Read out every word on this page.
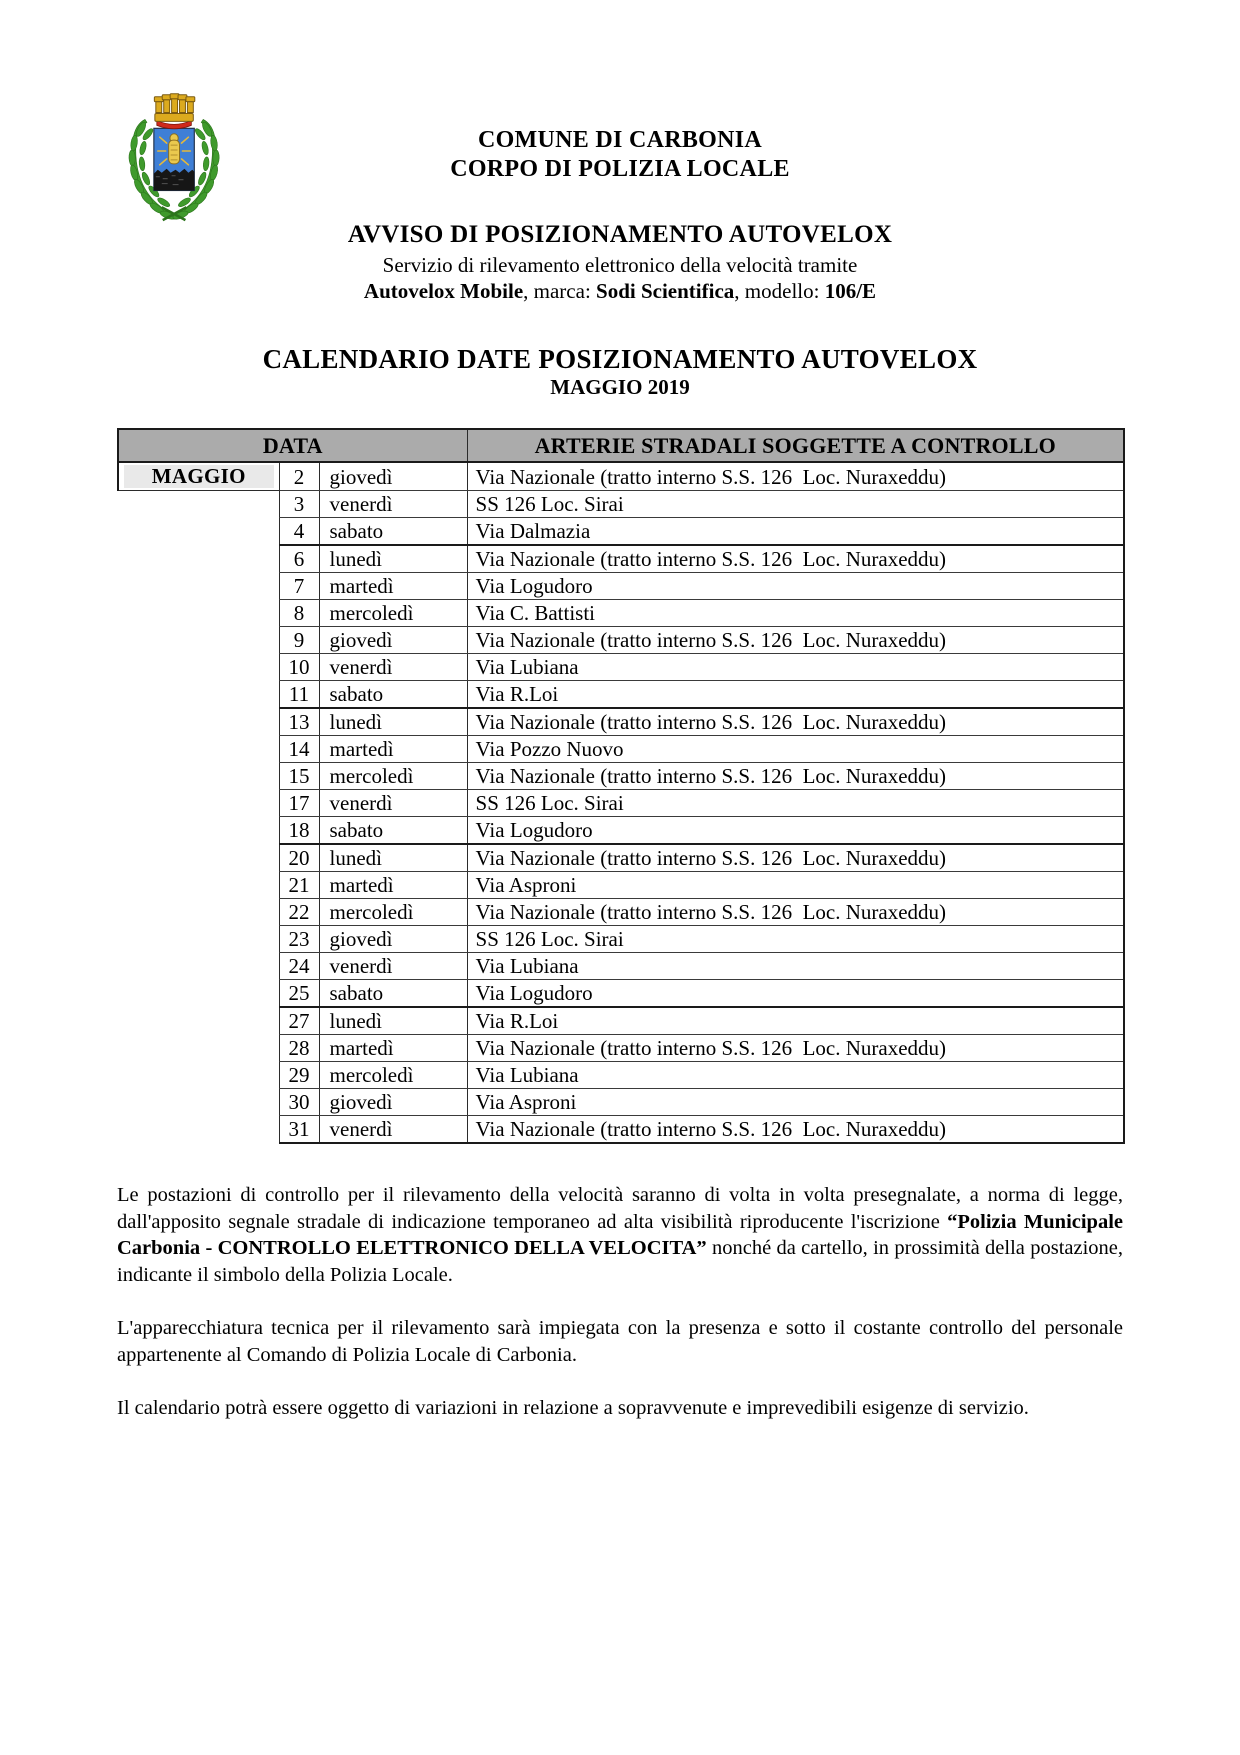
COMUNE DI CARBONIA
CORPO DI POLIZIA LOCALE
AVVISO DI POSIZIONAMENTO AUTOVELOX
Servizio di rilevamento elettronico della velocità tramite
Autovelox Mobile, marca: Sodi Scientifica, modello: 106/E
CALENDARIO DATE POSIZIONAMENTO AUTOVELOX
MAGGIO 2019
DATA			ARTERIE STRADALI SOGGETTE A CONTROLLO

MAGGIO	2	giovedì	Via Nazionale (tratto interno S.S. 126  Loc. Nuraxeddu)
	3	venerdì	SS 126 Loc. Sirai
	4	sabato	Via Dalmazia
	6	lunedì	Via Nazionale (tratto interno S.S. 126  Loc. Nuraxeddu)
	7	martedì	Via Logudoro
	8	mercoledì	Via C. Battisti
	9	giovedì	Via Nazionale (tratto interno S.S. 126  Loc. Nuraxeddu)
	10	venerdì	Via Lubiana
	11	sabato	Via R.Loi
	13	lunedì	Via Nazionale (tratto interno S.S. 126  Loc. Nuraxeddu)
	14	martedì	Via Pozzo Nuovo
	15	mercoledì	Via Nazionale (tratto interno S.S. 126  Loc. Nuraxeddu)
	17	venerdì	SS 126 Loc. Sirai
	18	sabato	Via Logudoro
	20	lunedì	Via Nazionale (tratto interno S.S. 126  Loc. Nuraxeddu)
	21	martedì	Via Asproni
	22	mercoledì	Via Nazionale (tratto interno S.S. 126  Loc. Nuraxeddu)
	23	giovedì	SS 126 Loc. Sirai
	24	venerdì	Via Lubiana
	25	sabato	Via Logudoro
	27	lunedì	Via R.Loi
	28	martedì	Via Nazionale (tratto interno S.S. 126  Loc. Nuraxeddu)
	29	mercoledì	Via Lubiana
	30	giovedì	Via Asproni
	31	venerdì	Via Nazionale (tratto interno S.S. 126  Loc. Nuraxeddu)

Le postazioni di controllo per il rilevamento della velocità saranno di volta in volta presegnalate, a norma di legge, dall'apposito segnale stradale di indicazione temporaneo ad alta visibilità riproducente l'iscrizione “Polizia Municipale Carbonia - CONTROLLO ELETTRONICO DELLA VELOCITA” nonché da cartello, in prossimità della postazione, indicante il simbolo della Polizia Locale.

L'apparecchiatura tecnica per il rilevamento sarà impiegata con la presenza e sotto il costante controllo del personale appartenente al Comando di Polizia Locale di Carbonia.

Il calendario potrà essere oggetto di variazioni in relazione a sopravvenute e imprevedibili esigenze di servizio.
